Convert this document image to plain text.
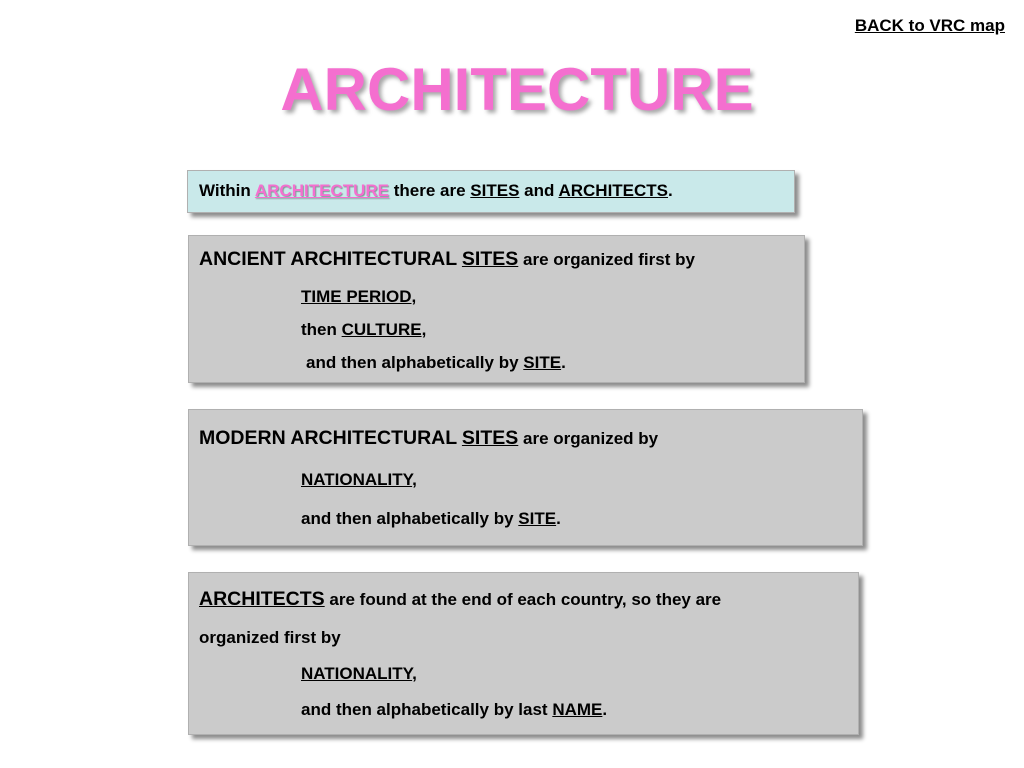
BACK to VRC map
ARCHITECTURE
Within ARCHITECTURE there are SITES and ARCHITECTS.
ANCIENT ARCHITECTURAL SITES are organized first by
TIME PERIOD,
then CULTURE,
and then alphabetically by SITE.
MODERN ARCHITECTURAL SITES are organized by
NATIONALITY,
and then alphabetically by SITE.
ARCHITECTS are found at the end of each country, so they are
organized first by
NATIONALITY,
and then alphabetically by last NAME.
